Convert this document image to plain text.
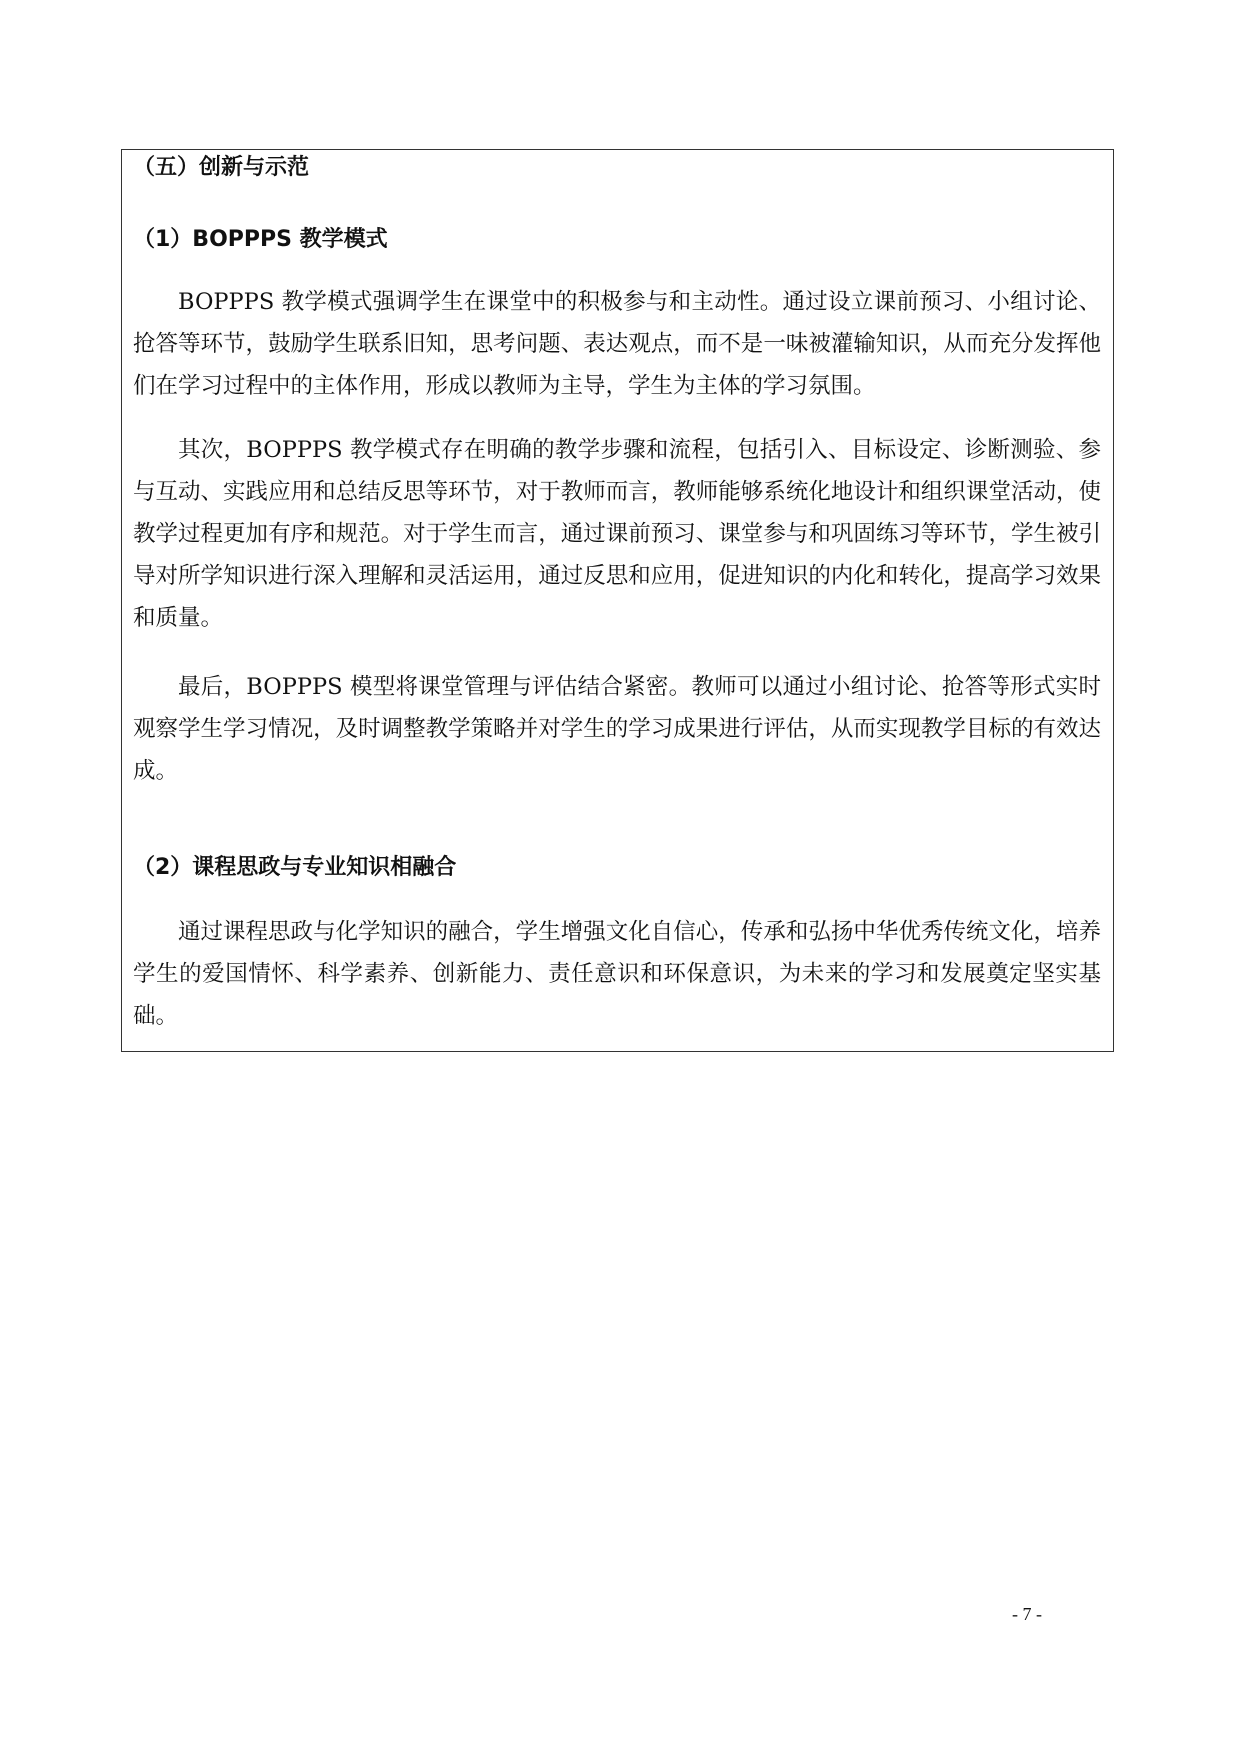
（五）创新与示范
（1）BOPPPS 教学模式

BOPPPS 教学模式强调学生在课堂中的积极参与和主动性。通过设立课前预习、小组讨论、抢答等环节，鼓励学生联系旧知，思考问题、表达观点，而不是一味被灌输知识，从而充分发挥他们在学习过程中的主体作用，形成以教师为主导，学生为主体的学习氛围。

其次，BOPPPS 教学模式存在明确的教学步骤和流程，包括引入、目标设定、诊断测验、参与互动、实践应用和总结反思等环节，对于教师而言，教师能够系统化地设计和组织课堂活动，使教学过程更加有序和规范。对于学生而言，通过课前预习、课堂参与和巩固练习等环节，学生被引导对所学知识进行深入理解和灵活运用，通过反思和应用，促进知识的内化和转化，提高学习效果和质量。

最后，BOPPPS 模型将课堂管理与评估结合紧密。教师可以通过小组讨论、抢答等形式实时观察学生学习情况，及时调整教学策略并对学生的学习成果进行评估，从而实现教学目标的有效达成。

（2）课程思政与专业知识相融合

通过课程思政与化学知识的融合，学生增强文化自信心，传承和弘扬中华优秀传统文化，培养学生的爱国情怀、科学素养、创新能力、责任意识和环保意识，为未来的学习和发展奠定坚实基础。

- 7 -
